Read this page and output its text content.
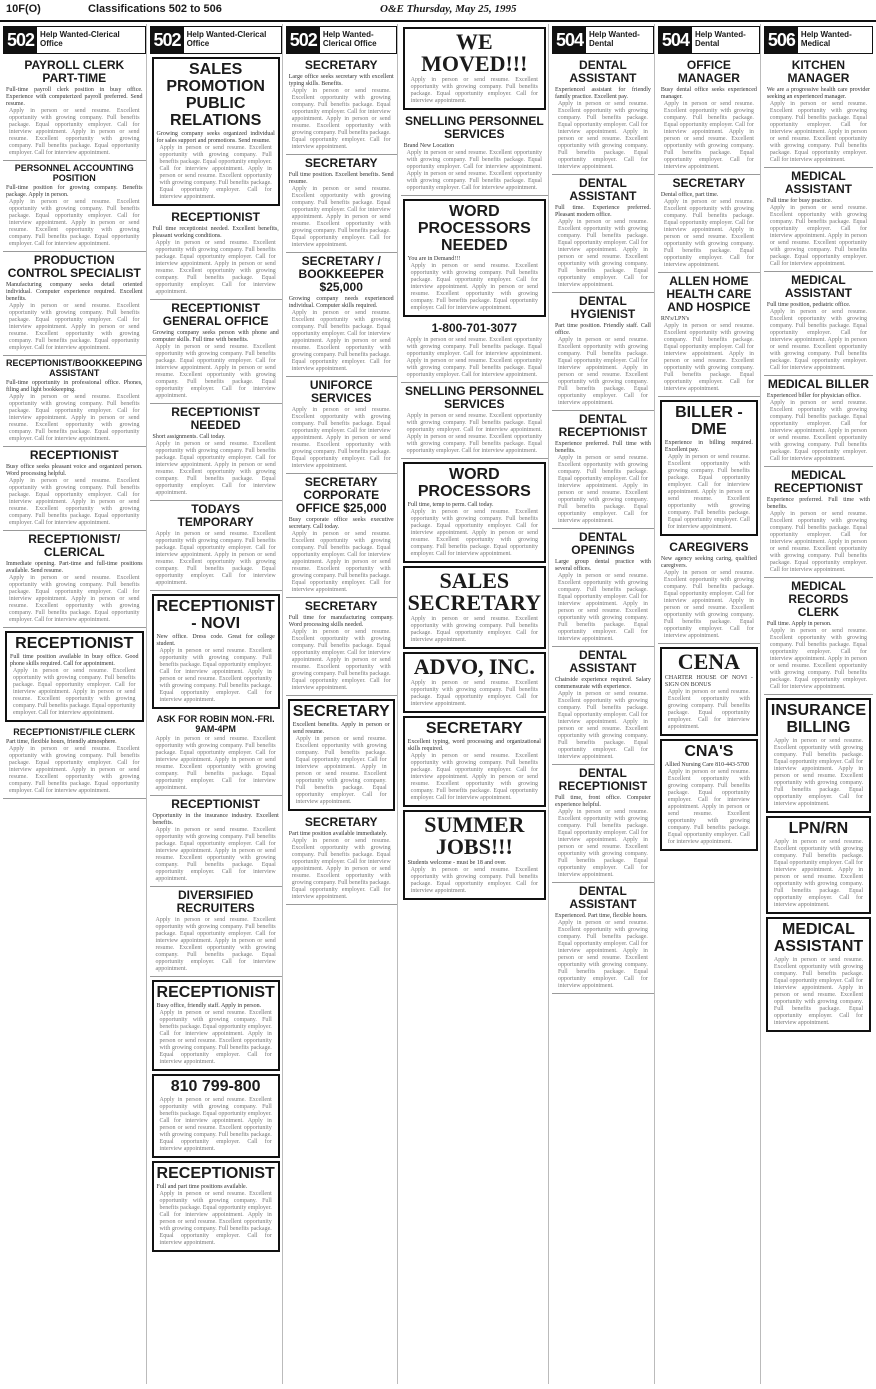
10F(O)	Classifications 502 to 506	O&E Thursday, May 25, 1995
502 Help Wanted-Clerical Office
PAYROLL CLERK PART-TIME
Full-time payroll clerk position in busy office. Experience with computerized payroll preferred. Send resume.
Apply in person or send resume. Excellent opportunity with growing company. Full benefits package. Equal opportunity employer. Call for interview appointment. Apply in person or send resume. Excellent opportunity with growing company. Full benefits package. Equal opportunity employer. Call for interview appointment.
PERSONNEL ACCOUNTING POSITION
Full-time position for growing company. Benefits package. Apply in person.
Apply in person or send resume. Excellent opportunity with growing company. Full benefits package. Equal opportunity employer. Call for interview appointment. Apply in person or send resume. Excellent opportunity with growing company. Full benefits package. Equal opportunity employer. Call for interview appointment.
PRODUCTION CONTROL SPECIALIST
Manufacturing company seeks detail oriented individual. Computer experience required. Excellent benefits.
Apply in person or send resume. Excellent opportunity with growing company. Full benefits package. Equal opportunity employer. Call for interview appointment. Apply in person or send resume. Excellent opportunity with growing company. Full benefits package. Equal opportunity employer. Call for interview appointment.
RECEPTIONIST/BOOKKEEPING ASSISTANT
Full-time opportunity in professional office. Phones, filing and light bookkeeping.
Apply in person or send resume. Excellent opportunity with growing company. Full benefits package. Equal opportunity employer. Call for interview appointment. Apply in person or send resume. Excellent opportunity with growing company. Full benefits package. Equal opportunity employer. Call for interview appointment.
RECEPTIONIST
Busy office seeks pleasant voice and organized person. Word processing helpful.
Apply in person or send resume. Excellent opportunity with growing company. Full benefits package. Equal opportunity employer. Call for interview appointment. Apply in person or send resume. Excellent opportunity with growing company. Full benefits package. Equal opportunity employer. Call for interview appointment.
RECEPTIONIST/ CLERICAL
Immediate opening. Part-time and full-time positions available. Send resume.
Apply in person or send resume. Excellent opportunity with growing company. Full benefits package. Equal opportunity employer. Call for interview appointment. Apply in person or send resume. Excellent opportunity with growing company. Full benefits package. Equal opportunity employer. Call for interview appointment.
RECEPTIONIST
Full time position available in busy office. Good phone skills required. Call for appointment.
Apply in person or send resume. Excellent opportunity with growing company. Full benefits package. Equal opportunity employer. Call for interview appointment. Apply in person or send resume. Excellent opportunity with growing company. Full benefits package. Equal opportunity employer. Call for interview appointment.
RECEPTIONIST/FILE CLERK
Part time, flexible hours, friendly atmosphere.
Apply in person or send resume. Excellent opportunity with growing company. Full benefits package. Equal opportunity employer. Call for interview appointment. Apply in person or send resume. Excellent opportunity with growing company. Full benefits package. Equal opportunity employer. Call for interview appointment.
502 Help Wanted-Clerical Office
SALES PROMOTION PUBLIC RELATIONS
Growing company seeks organized individual for sales support and promotions. Send resume.
Apply in person or send resume. Excellent opportunity with growing company. Full benefits package. Equal opportunity employer. Call for interview appointment. Apply in person or send resume. Excellent opportunity with growing company. Full benefits package. Equal opportunity employer. Call for interview appointment.
RECEPTIONIST
Full time receptionist needed. Excellent benefits, pleasant working conditions.
Apply in person or send resume. Excellent opportunity with growing company. Full benefits package. Equal opportunity employer. Call for interview appointment. Apply in person or send resume. Excellent opportunity with growing company. Full benefits package. Equal opportunity employer. Call for interview appointment.
RECEPTIONIST GENERAL OFFICE
Growing company seeks person with phone and computer skills. Full time with benefits.
Apply in person or send resume. Excellent opportunity with growing company. Full benefits package. Equal opportunity employer. Call for interview appointment. Apply in person or send resume. Excellent opportunity with growing company. Full benefits package. Equal opportunity employer. Call for interview appointment.
RECEPTIONIST NEEDED
Short assignments. Call today.
Apply in person or send resume. Excellent opportunity with growing company. Full benefits package. Equal opportunity employer. Call for interview appointment. Apply in person or send resume. Excellent opportunity with growing company. Full benefits package. Equal opportunity employer. Call for interview appointment.
TODAYS TEMPORARY
Apply in person or send resume. Excellent opportunity with growing company. Full benefits package. Equal opportunity employer. Call for interview appointment. Apply in person or send resume. Excellent opportunity with growing company. Full benefits package. Equal opportunity employer. Call for interview appointment.
RECEPTIONIST - NOVI
New office. Dress code. Great for college student.
Apply in person or send resume. Excellent opportunity with growing company. Full benefits package. Equal opportunity employer. Call for interview appointment. Apply in person or send resume. Excellent opportunity with growing company. Full benefits package. Equal opportunity employer. Call for interview appointment.
ASK FOR ROBIN MON.-FRI. 9AM-4PM
Apply in person or send resume. Excellent opportunity with growing company. Full benefits package. Equal opportunity employer. Call for interview appointment. Apply in person or send resume. Excellent opportunity with growing company. Full benefits package. Equal opportunity employer. Call for interview appointment.
RECEPTIONIST
Opportunity in the insurance industry. Excellent benefits.
Apply in person or send resume. Excellent opportunity with growing company. Full benefits package. Equal opportunity employer. Call for interview appointment. Apply in person or send resume. Excellent opportunity with growing company. Full benefits package. Equal opportunity employer. Call for interview appointment.
DIVERSIFIED RECRUITERS
Apply in person or send resume. Excellent opportunity with growing company. Full benefits package. Equal opportunity employer. Call for interview appointment. Apply in person or send resume. Excellent opportunity with growing company. Full benefits package. Equal opportunity employer. Call for interview appointment.
RECEPTIONIST
Busy office, friendly staff. Apply in person.
Apply in person or send resume. Excellent opportunity with growing company. Full benefits package. Equal opportunity employer. Call for interview appointment. Apply in person or send resume. Excellent opportunity with growing company. Full benefits package. Equal opportunity employer. Call for interview appointment.
810 799-800
Apply in person or send resume. Excellent opportunity with growing company. Full benefits package. Equal opportunity employer. Call for interview appointment. Apply in person or send resume. Excellent opportunity with growing company. Full benefits package. Equal opportunity employer. Call for interview appointment.
RECEPTIONIST
Full and part time positions available.
Apply in person or send resume. Excellent opportunity with growing company. Full benefits package. Equal opportunity employer. Call for interview appointment. Apply in person or send resume. Excellent opportunity with growing company. Full benefits package. Equal opportunity employer. Call for interview appointment.
502 Help Wanted-Clerical Office
SECRETARY
Large office seeks secretary with excellent typing skills. Benefits.
Apply in person or send resume. Excellent opportunity with growing company. Full benefits package. Equal opportunity employer. Call for interview appointment. Apply in person or send resume. Excellent opportunity with growing company. Full benefits package. Equal opportunity employer. Call for interview appointment.
SECRETARY
Full time position. Excellent benefits. Send resume.
Apply in person or send resume. Excellent opportunity with growing company. Full benefits package. Equal opportunity employer. Call for interview appointment. Apply in person or send resume. Excellent opportunity with growing company. Full benefits package. Equal opportunity employer. Call for interview appointment.
SECRETARY / BOOKKEEPER $25,000
Growing company needs experienced individual. Computer skills required.
Apply in person or send resume. Excellent opportunity with growing company. Full benefits package. Equal opportunity employer. Call for interview appointment. Apply in person or send resume. Excellent opportunity with growing company. Full benefits package. Equal opportunity employer. Call for interview appointment.
UNIFORCE SERVICES
Apply in person or send resume. Excellent opportunity with growing company. Full benefits package. Equal opportunity employer. Call for interview appointment. Apply in person or send resume. Excellent opportunity with growing company. Full benefits package. Equal opportunity employer. Call for interview appointment.
SECRETARY CORPORATE OFFICE $25,000
Busy corporate office seeks executive secretary. Call today.
Apply in person or send resume. Excellent opportunity with growing company. Full benefits package. Equal opportunity employer. Call for interview appointment. Apply in person or send resume. Excellent opportunity with growing company. Full benefits package. Equal opportunity employer. Call for interview appointment.
SECRETARY
Full time for manufacturing company. Word processing skills needed.
Apply in person or send resume. Excellent opportunity with growing company. Full benefits package. Equal opportunity employer. Call for interview appointment. Apply in person or send resume. Excellent opportunity with growing company. Full benefits package. Equal opportunity employer. Call for interview appointment.
SECRETARY
Excellent benefits. Apply in person or send resume.
Apply in person or send resume. Excellent opportunity with growing company. Full benefits package. Equal opportunity employer. Call for interview appointment. Apply in person or send resume. Excellent opportunity with growing company. Full benefits package. Equal opportunity employer. Call for interview appointment.
SECRETARY
Part time position available immediately.
Apply in person or send resume. Excellent opportunity with growing company. Full benefits package. Equal opportunity employer. Call for interview appointment. Apply in person or send resume. Excellent opportunity with growing company. Full benefits package. Equal opportunity employer. Call for interview appointment.
WE MOVED!!!
Apply in person or send resume. Excellent opportunity with growing company. Full benefits package. Equal opportunity employer. Call for interview appointment.
SNELLING PERSONNEL SERVICES
Brand New Location
Apply in person or send resume. Excellent opportunity with growing company. Full benefits package. Equal opportunity employer. Call for interview appointment. Apply in person or send resume. Excellent opportunity with growing company. Full benefits package. Equal opportunity employer. Call for interview appointment.
WORD PROCESSORS NEEDED
You are in Demand!!!
Apply in person or send resume. Excellent opportunity with growing company. Full benefits package. Equal opportunity employer. Call for interview appointment. Apply in person or send resume. Excellent opportunity with growing company. Full benefits package. Equal opportunity employer. Call for interview appointment.
1-800-701-3077
Apply in person or send resume. Excellent opportunity with growing company. Full benefits package. Equal opportunity employer. Call for interview appointment. Apply in person or send resume. Excellent opportunity with growing company. Full benefits package. Equal opportunity employer. Call for interview appointment.
SNELLING PERSONNEL SERVICES
Apply in person or send resume. Excellent opportunity with growing company. Full benefits package. Equal opportunity employer. Call for interview appointment. Apply in person or send resume. Excellent opportunity with growing company. Full benefits package. Equal opportunity employer. Call for interview appointment.
WORD PROCESSORS
Full time, temp to perm. Call today.
Apply in person or send resume. Excellent opportunity with growing company. Full benefits package. Equal opportunity employer. Call for interview appointment. Apply in person or send resume. Excellent opportunity with growing company. Full benefits package. Equal opportunity employer. Call for interview appointment.
SALES SECRETARY
Apply in person or send resume. Excellent opportunity with growing company. Full benefits package. Equal opportunity employer. Call for interview appointment.
ADVO, INC.
Apply in person or send resume. Excellent opportunity with growing company. Full benefits package. Equal opportunity employer. Call for interview appointment.
SECRETARY
Excellent typing, word processing and organizational skills required.
Apply in person or send resume. Excellent opportunity with growing company. Full benefits package. Equal opportunity employer. Call for interview appointment. Apply in person or send resume. Excellent opportunity with growing company. Full benefits package. Equal opportunity employer. Call for interview appointment.
SUMMER JOBS!!!
Students welcome - must be 18 and over.
Apply in person or send resume. Excellent opportunity with growing company. Full benefits package. Equal opportunity employer. Call for interview appointment.
504 Help Wanted-Dental
DENTAL ASSISTANT
Experienced assistant for friendly family practice. Excellent pay.
Apply in person or send resume. Excellent opportunity with growing company. Full benefits package. Equal opportunity employer. Call for interview appointment. Apply in person or send resume. Excellent opportunity with growing company. Full benefits package. Equal opportunity employer. Call for interview appointment.
DENTAL ASSISTANT
Full time. Experience preferred. Pleasant modern office.
Apply in person or send resume. Excellent opportunity with growing company. Full benefits package. Equal opportunity employer. Call for interview appointment. Apply in person or send resume. Excellent opportunity with growing company. Full benefits package. Equal opportunity employer. Call for interview appointment.
DENTAL HYGIENIST
Part time position. Friendly staff. Call office.
Apply in person or send resume. Excellent opportunity with growing company. Full benefits package. Equal opportunity employer. Call for interview appointment. Apply in person or send resume. Excellent opportunity with growing company. Full benefits package. Equal opportunity employer. Call for interview appointment.
DENTAL RECEPTIONIST
Experience preferred. Full time with benefits.
Apply in person or send resume. Excellent opportunity with growing company. Full benefits package. Equal opportunity employer. Call for interview appointment. Apply in person or send resume. Excellent opportunity with growing company. Full benefits package. Equal opportunity employer. Call for interview appointment.
DENTAL OPENINGS
Large group dental practice with several offices.
Apply in person or send resume. Excellent opportunity with growing company. Full benefits package. Equal opportunity employer. Call for interview appointment. Apply in person or send resume. Excellent opportunity with growing company. Full benefits package. Equal opportunity employer. Call for interview appointment.
DENTAL ASSISTANT
Chairside experience required. Salary commensurate with experience.
Apply in person or send resume. Excellent opportunity with growing company. Full benefits package. Equal opportunity employer. Call for interview appointment. Apply in person or send resume. Excellent opportunity with growing company. Full benefits package. Equal opportunity employer. Call for interview appointment.
DENTAL RECEPTIONIST
Full time, front office. Computer experience helpful.
Apply in person or send resume. Excellent opportunity with growing company. Full benefits package. Equal opportunity employer. Call for interview appointment. Apply in person or send resume. Excellent opportunity with growing company. Full benefits package. Equal opportunity employer. Call for interview appointment.
DENTAL ASSISTANT
Experienced. Part time, flexible hours.
Apply in person or send resume. Excellent opportunity with growing company. Full benefits package. Equal opportunity employer. Call for interview appointment. Apply in person or send resume. Excellent opportunity with growing company. Full benefits package. Equal opportunity employer. Call for interview appointment.
504 Help Wanted-Dental
OFFICE MANAGER
Busy dental office seeks experienced manager.
Apply in person or send resume. Excellent opportunity with growing company. Full benefits package. Equal opportunity employer. Call for interview appointment. Apply in person or send resume. Excellent opportunity with growing company. Full benefits package. Equal opportunity employer. Call for interview appointment.
SECRETARY
Dental office, part time.
Apply in person or send resume. Excellent opportunity with growing company. Full benefits package. Equal opportunity employer. Call for interview appointment. Apply in person or send resume. Excellent opportunity with growing company. Full benefits package. Equal opportunity employer. Call for interview appointment.
ALLEN HOME HEALTH CARE AND HOSPICE
RN's/LPN's
Apply in person or send resume. Excellent opportunity with growing company. Full benefits package. Equal opportunity employer. Call for interview appointment. Apply in person or send resume. Excellent opportunity with growing company. Full benefits package. Equal opportunity employer. Call for interview appointment.
BILLER - DME
Experience in billing required. Excellent pay.
Apply in person or send resume. Excellent opportunity with growing company. Full benefits package. Equal opportunity employer. Call for interview appointment. Apply in person or send resume. Excellent opportunity with growing company. Full benefits package. Equal opportunity employer. Call for interview appointment.
CAREGIVERS
New agency seeking caring, qualified caregivers.
Apply in person or send resume. Excellent opportunity with growing company. Full benefits package. Equal opportunity employer. Call for interview appointment. Apply in person or send resume. Excellent opportunity with growing company. Full benefits package. Equal opportunity employer. Call for interview appointment.
CENA
CHARTER HOUSE OF NOVI - SIGN ON BONUS
Apply in person or send resume. Excellent opportunity with growing company. Full benefits package. Equal opportunity employer. Call for interview appointment.
CNA'S
Allied Nursing Care 810-443-5700
Apply in person or send resume. Excellent opportunity with growing company. Full benefits package. Equal opportunity employer. Call for interview appointment. Apply in person or send resume. Excellent opportunity with growing company. Full benefits package. Equal opportunity employer. Call for interview appointment.
506 Help Wanted-Medical
KITCHEN MANAGER
We are a progressive health care provider seeking an experienced manager.
Apply in person or send resume. Excellent opportunity with growing company. Full benefits package. Equal opportunity employer. Call for interview appointment. Apply in person or send resume. Excellent opportunity with growing company. Full benefits package. Equal opportunity employer. Call for interview appointment.
MEDICAL ASSISTANT
Full time for busy practice.
Apply in person or send resume. Excellent opportunity with growing company. Full benefits package. Equal opportunity employer. Call for interview appointment. Apply in person or send resume. Excellent opportunity with growing company. Full benefits package. Equal opportunity employer. Call for interview appointment.
MEDICAL ASSISTANT
Full time position, pediatric office.
Apply in person or send resume. Excellent opportunity with growing company. Full benefits package. Equal opportunity employer. Call for interview appointment. Apply in person or send resume. Excellent opportunity with growing company. Full benefits package. Equal opportunity employer. Call for interview appointment.
MEDICAL BILLER
Experienced biller for physician office.
Apply in person or send resume. Excellent opportunity with growing company. Full benefits package. Equal opportunity employer. Call for interview appointment. Apply in person or send resume. Excellent opportunity with growing company. Full benefits package. Equal opportunity employer. Call for interview appointment.
MEDICAL RECEPTIONIST
Experience preferred. Full time with benefits.
Apply in person or send resume. Excellent opportunity with growing company. Full benefits package. Equal opportunity employer. Call for interview appointment. Apply in person or send resume. Excellent opportunity with growing company. Full benefits package. Equal opportunity employer. Call for interview appointment.
MEDICAL RECORDS CLERK
Full time. Apply in person.
Apply in person or send resume. Excellent opportunity with growing company. Full benefits package. Equal opportunity employer. Call for interview appointment. Apply in person or send resume. Excellent opportunity with growing company. Full benefits package. Equal opportunity employer. Call for interview appointment.
INSURANCE BILLING
Apply in person or send resume. Excellent opportunity with growing company. Full benefits package. Equal opportunity employer. Call for interview appointment. Apply in person or send resume. Excellent opportunity with growing company. Full benefits package. Equal opportunity employer. Call for interview appointment.
LPN/RN
Apply in person or send resume. Excellent opportunity with growing company. Full benefits package. Equal opportunity employer. Call for interview appointment. Apply in person or send resume. Excellent opportunity with growing company. Full benefits package. Equal opportunity employer. Call for interview appointment.
MEDICAL ASSISTANT
Apply in person or send resume. Excellent opportunity with growing company. Full benefits package. Equal opportunity employer. Call for interview appointment. Apply in person or send resume. Excellent opportunity with growing company. Full benefits package. Equal opportunity employer. Call for interview appointment.
